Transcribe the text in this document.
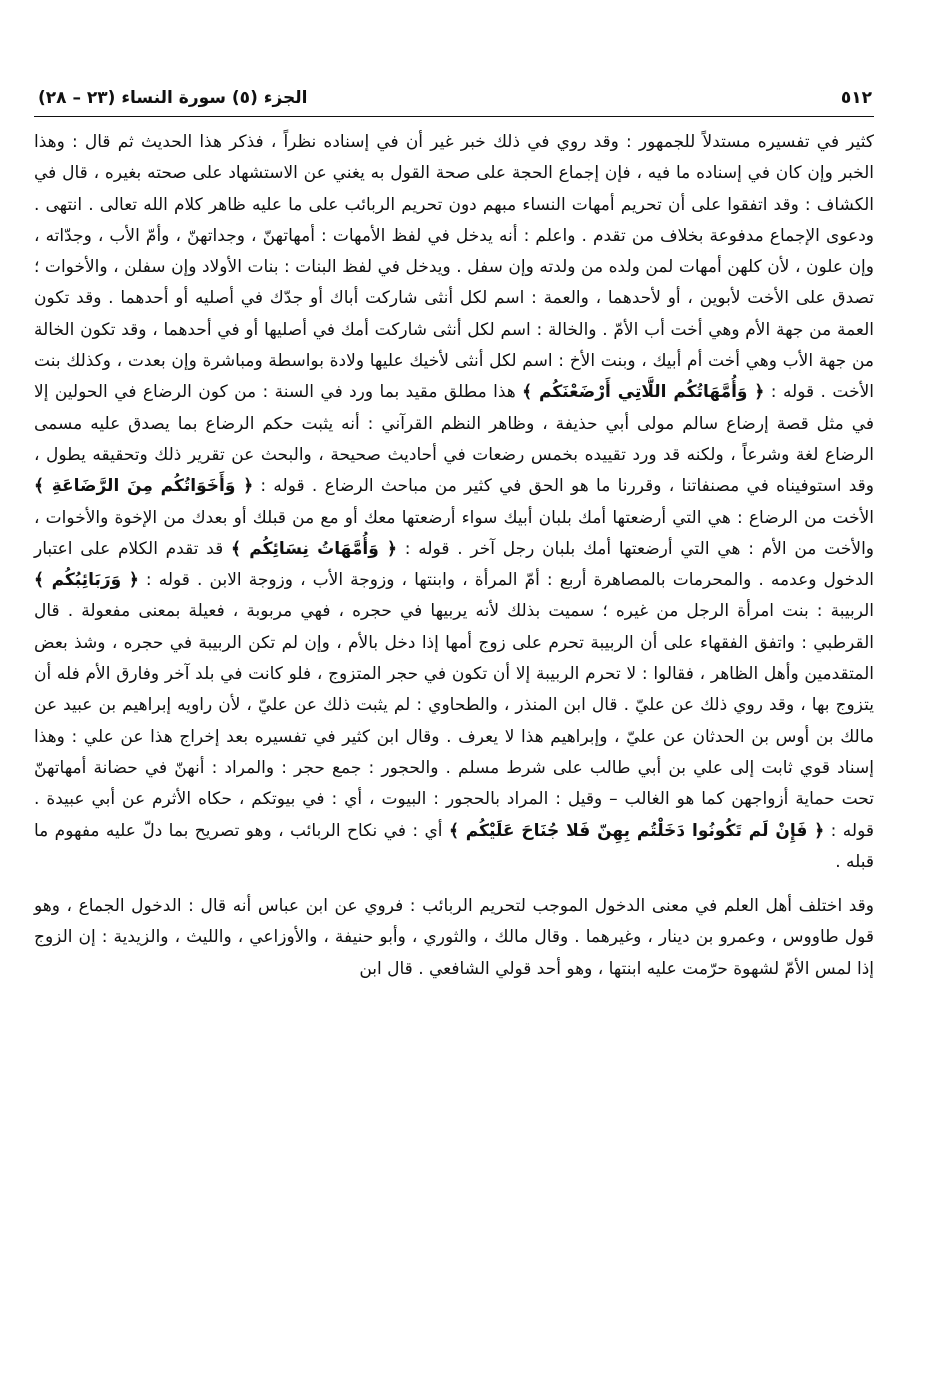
٥١٢
الجزء (٥) سورة النساء (٢٣ – ٢٨)

كثير في تفسيره مستدلاً للجمهور : وقد روي في ذلك خبر غير أن في إسناده نظراً ، فذكر هذا الحديث ثم قال : وهذا الخبر وإن كان في إسناده ما فيه ، فإن إجماع الحجة على صحة القول به يغني عن الاستشهاد على صحته بغيره ، قال في الكشاف : وقد اتفقوا على أن تحريم أمهات النساء مبهم دون تحريم الربائب على ما عليه ظاهر كلام الله تعالى . انتهى . ودعوى الإجماع مدفوعة بخلاف من تقدم . واعلم : أنه يدخل في لفظ الأمهات : أمهاتهنّ ، وجداتهنّ ، وأمّ الأب ، وجدّاته ، وإن علون ، لأن كلهن أمهات لمن ولده من ولدته وإن سفل . ويدخل في لفظ البنات : بنات الأولاد وإن سفلن ، والأخوات ؛ تصدق على الأخت لأبوين ، أو لأحدهما ، والعمة : اسم لكل أنثى شاركت أباك أو جدّك في أصليه أو أحدهما . وقد تكون العمة من جهة الأم وهي أخت أب الأمّ . والخالة : اسم لكل أنثى شاركت أمك في أصليها أو في أحدهما ، وقد تكون الخالة من جهة الأب وهي أخت أم أبيك ، وبنت الأخ : اسم لكل أنثى لأخيك عليها ولادة بواسطة ومباشرة وإن بعدت ، وكذلك بنت الأخت . قوله : ﴿ وَأُمَّهَاتُكُم اللَّاتِي أَرْضَعْنَكُم ﴾ هذا مطلق مقيد بما ورد في السنة : من كون الرضاع في الحولين إلا في مثل قصة إرضاع سالم مولى أبي حذيفة ، وظاهر النظم القرآني : أنه يثبت حكم الرضاع بما يصدق عليه مسمى الرضاع لغة وشرعاً ، ولكنه قد ورد تقييده بخمس رضعات في أحاديث صحيحة ، والبحث عن تقرير ذلك وتحقيقه يطول ، وقد استوفيناه في مصنفاتنا ، وقررنا ما هو الحق في كثير من مباحث الرضاع . قوله : ﴿ وَأَخَوَاتُكُم مِنَ الرَّضَاعَةِ ﴾ الأخت من الرضاع : هي التي أرضعتها أمك بلبان أبيك سواء أرضعتها معك أو مع من قبلك أو بعدك من الإخوة والأخوات ، والأخت من الأم : هي التي أرضعتها أمك بلبان رجل آخر . قوله : ﴿ وَأُمَّهَاتُ نِسَائِكُم ﴾ قد تقدم الكلام على اعتبار الدخول وعدمه . والمحرمات بالمصاهرة أربع : أمّ المرأة ، وابنتها ، وزوجة الأب ، وزوجة الابن . قوله : ﴿ وَرَبَائِبُكُم ﴾ الربيبة : بنت امرأة الرجل من غيره ؛ سميت بذلك لأنه يربيها في حجره ، فهي مربوبة ، فعيلة بمعنى مفعولة . قال القرطبي : واتفق الفقهاء على أن الربيبة تحرم على زوج أمها إذا دخل بالأم ، وإن لم تكن الربيبة في حجره ، وشذ بعض المتقدمين وأهل الظاهر ، فقالوا : لا تحرم الربيبة إلا أن تكون في حجر المتزوج ، فلو كانت في بلد آخر وفارق الأم فله أن يتزوج بها ، وقد روي ذلك عن عليّ . قال ابن المنذر ، والطحاوي : لم يثبت ذلك عن عليّ ، لأن راويه إبراهيم بن عبيد عن مالك بن أوس بن الحدثان عن عليّ ، وإبراهيم هذا لا يعرف . وقال ابن كثير في تفسيره بعد إخراج هذا عن علي : وهذا إسناد قوي ثابت إلى علي بن أبي طالب على شرط مسلم . والحجور : جمع حجر : والمراد : أنهنّ في حضانة أمهاتهنّ تحت حماية أزواجهن كما هو الغالب – وقيل : المراد بالحجور : البيوت ، أي : في بيوتكم ، حكاه الأثرم عن أبي عبيدة . قوله : ﴿ فَإِنْ لَم تَكُونُوا دَخَلْتُم بِهِنّ فَلا جُنَاحَ عَلَيْكُم ﴾ أي : في نكاح الربائب ، وهو تصريح بما دلّ عليه مفهوم ما قبله .

وقد اختلف أهل العلم في معنى الدخول الموجب لتحريم الربائب : فروي عن ابن عباس أنه قال : الدخول الجماع ، وهو قول طاووس ، وعمرو بن دينار ، وغيرهما . وقال مالك ، والثوري ، وأبو حنيفة ، والأوزاعي ، والليث ، والزيدية : إن الزوج إذا لمس الأمّ لشهوة حرّمت عليه ابنتها ، وهو أحد قولي الشافعي . قال ابن
